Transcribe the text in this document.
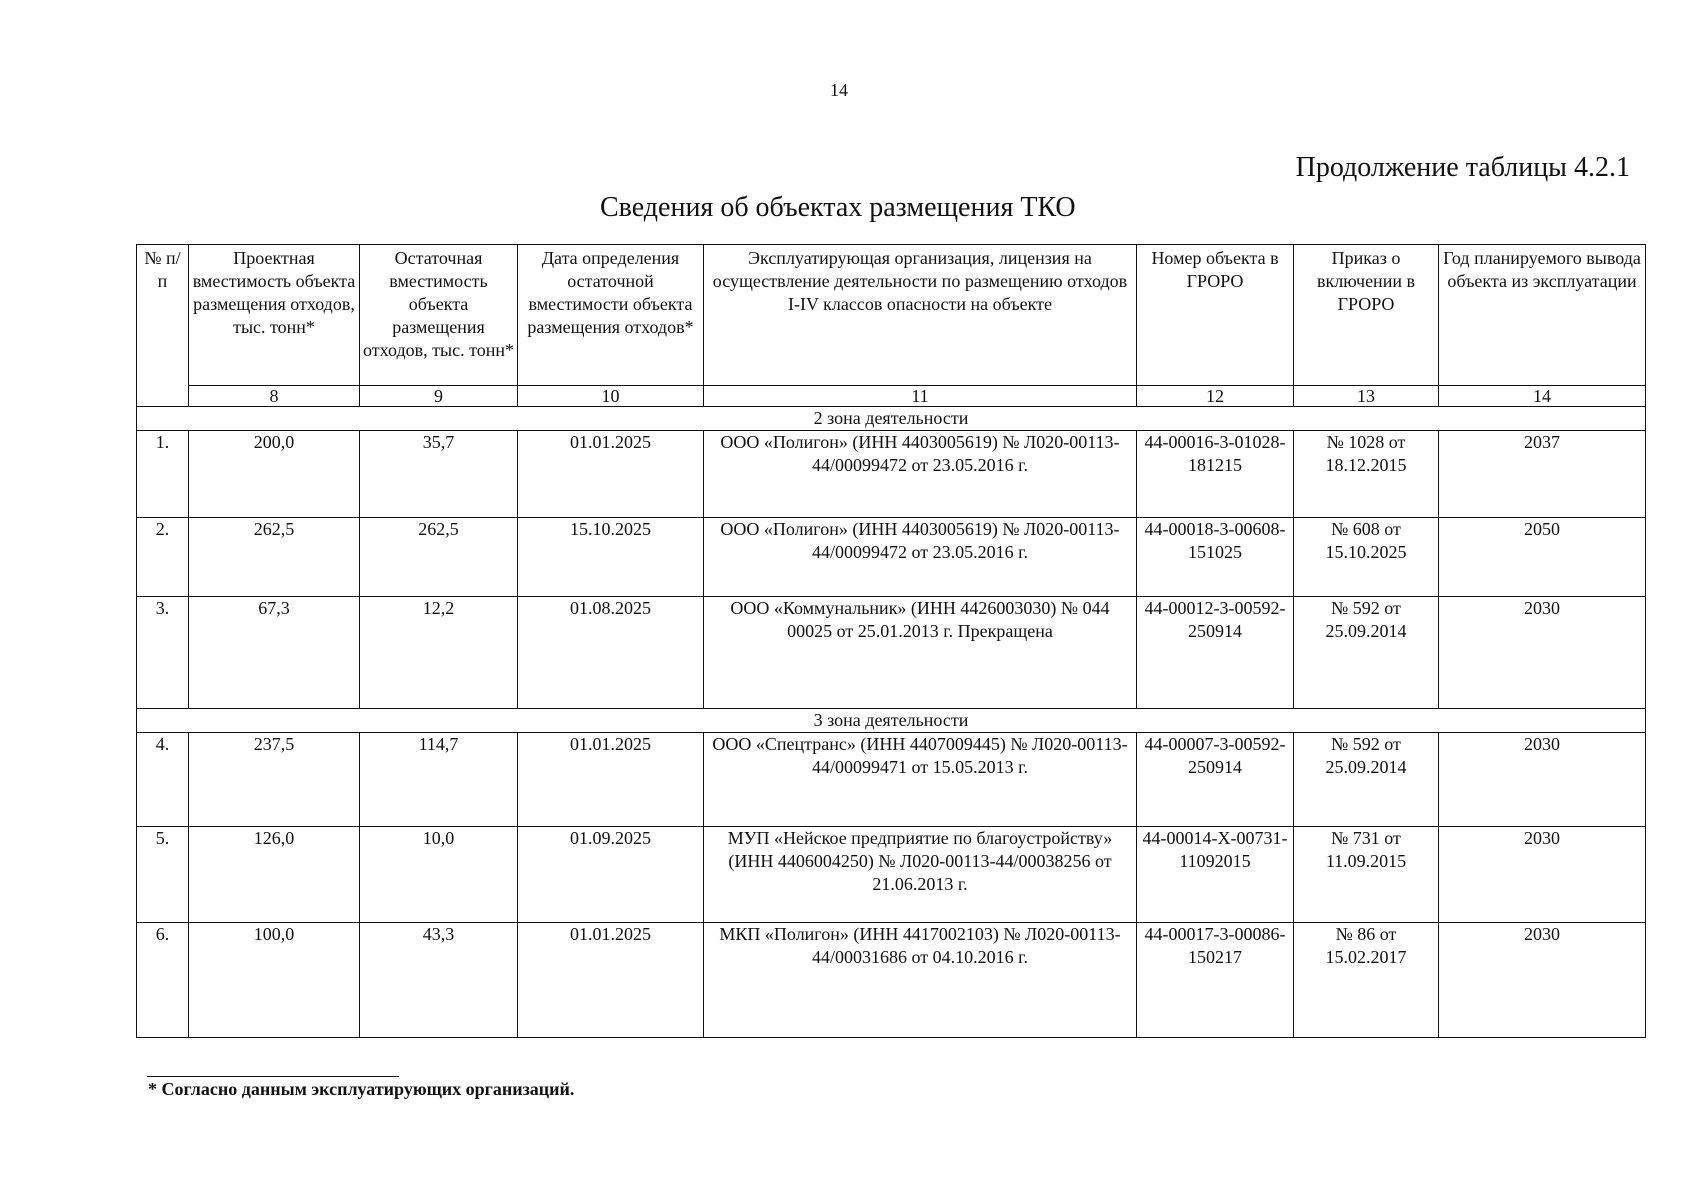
14
Продолжение таблицы 4.2.1
Сведения об объектах размещения ТКО
№ п/п	Проектная вместимость объекта размещения отходов, тыс. тонн*	Остаточная вместимость объекта размещения отходов, тыс. тонн*	Дата определения остаточной вместимости объекта размещения отходов*	Эксплуатирующая организация, лицензия на осуществление деятельности по размещению отходов I-IV классов опасности на объекте	Номер объекта в ГРОРО	Приказ о включении в ГРОРО	Год планируемого вывода объекта из эксплуатации
	8	9	10	11	12	13	14
2 зона деятельности							
1.	200,0	35,7	01.01.2025	ООО «Полигон» (ИНН 4403005619) № Л020-00113-44/00099472 от 23.05.2016 г.	44-00016-3-01028-181215	№ 1028 от 18.12.2015	2037
2.	262,5	262,5	15.10.2025	ООО «Полигон» (ИНН 4403005619) № Л020-00113-44/00099472 от 23.05.2016 г.	44-00018-3-00608-151025	№ 608 от 15.10.2025	2050
3.	67,3	12,2	01.08.2025	ООО «Коммунальник» (ИНН 4426003030) № 044 00025 от 25.01.2013 г. Прекращена	44-00012-3-00592-250914	№ 592 от 25.09.2014	2030
3 зона деятельности							
4.	237,5	114,7	01.01.2025	ООО «Спецтранс» (ИНН 4407009445) № Л020-00113-44/00099471 от 15.05.2013 г.	44-00007-3-00592-250914	№ 592 от 25.09.2014	2030
5.	126,0	10,0	01.09.2025	МУП «Нейское предприятие по благоустройству» (ИНН 4406004250) № Л020-00113-44/00038256 от 21.06.2013 г.	44-00014-Х-00731-11092015	№ 731 от 11.09.2015	2030
6.	100,0	43,3	01.01.2025	МКП «Полигон» (ИНН 4417002103) № Л020-00113-44/00031686 от 04.10.2016 г.	44-00017-3-00086-150217	№ 86 от 15.02.2017	2030
* Согласно данным эксплуатирующих организаций.
